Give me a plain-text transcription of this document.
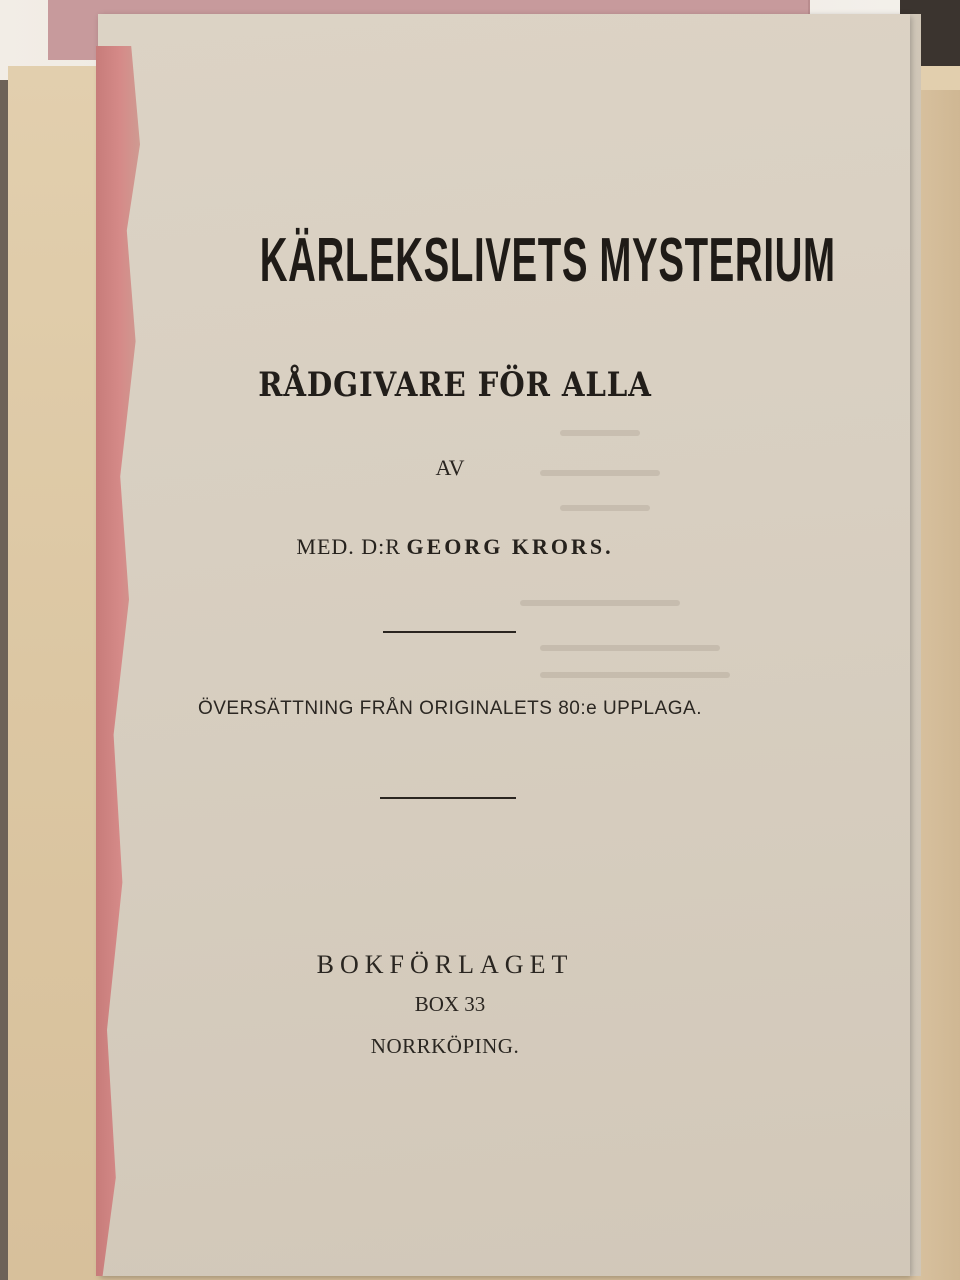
KÄRLEKSLIVETS MYSTERIUM
RÅDGIVARE FÖR ALLA
AV
MED. D:R GEORG KRORS.
ÖVERSÄTTNING FRÅN ORIGINALETS 80:e UPPLAGA.
BOKFÖRLAGET
BOX 33
NORRKÖPING.
